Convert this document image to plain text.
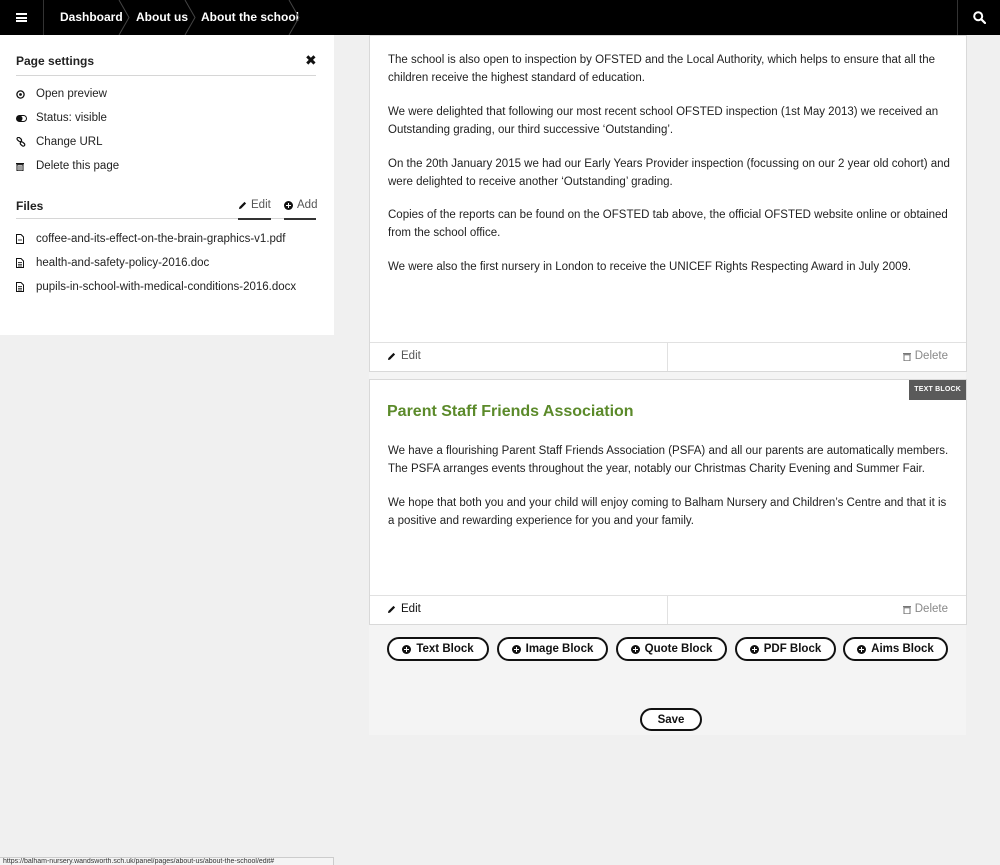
Dashboard About us About the school
Page settings	✖
Open preview
Status: visible
Change URL
Delete this page
Files	Edit Add
coffee-and-its-effect-on-the-brain-graphics-v1.pdf
health-and-safety-policy-2016.doc
pupils-in-school-with-medical-conditions-2016.docx

The school is also open to inspection by OFSTED and the Local Authority, which helps to ensure that all the children receive the highest standard of education.

We were delighted that following our most recent school OFSTED inspection (1st May 2013) we received an Outstanding grading, our third successive ‘Outstanding’.

On the 20th January 2015 we had our Early Years Provider inspection (focussing on our 2 year old cohort) and were delighted to receive another ‘Outstanding’ grading.

Copies of the reports can be found on the OFSTED tab above, the official OFSTED website online or obtained from the school office.

We were also the first nursery in London to receive the UNICEF Rights Respecting Award in July 2009.

Edit	Delete
TEXT BLOCK
Parent Staff Friends Association

We have a flourishing Parent Staff Friends Association (PSFA) and all our parents are automatically members. The PSFA arranges events throughout the year, notably our Christmas Charity Evening and Summer Fair.

We hope that both you and your child will enjoy coming to Balham Nursery and Children’s Centre and that it is a positive and rewarding experience for you and your family.

Edit	Delete
Text Block	Image Block	Quote Block	PDF Block	Aims Block
Save
https://balham-nursery.wandsworth.sch.uk/panel/pages/about-us/about-the-school/edit#
